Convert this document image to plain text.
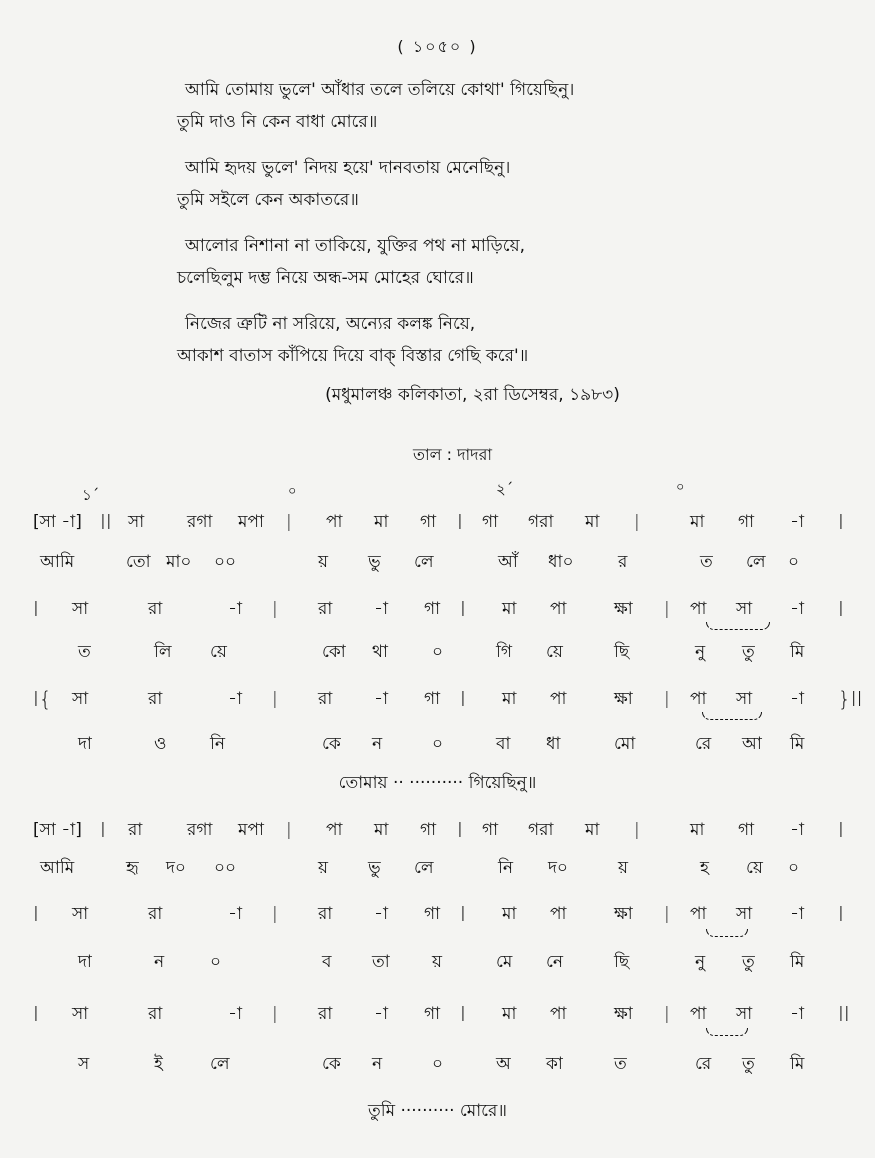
( ১০৫০ )
আমি তোমায় ভুলে' আঁধার তলে তলিয়ে কোথা' গিয়েছিনু।
তুমি দাও নি কেন বাধা মোরে॥
আমি হৃদয় ভুলে' নিদয় হয়ে' দানবতায় মেনেছিনু।
তুমি সইলে কেন অকাতরে॥
আলোর নিশানা না তাকিয়ে, যুক্তির পথ না মাড়িয়ে,
চলেছিলুম দম্ভ নিয়ে অন্ধ-সম মোহের ঘোরে॥
নিজের ত্রুটি না সরিয়ে, অন্যের কলঙ্ক নিয়ে,
আকাশ বাতাস কাঁপিয়ে দিয়ে বাক্‌ বিস্তার গেছি করে'॥
(মধুমালঞ্চ কলিকাতা, ২রা ডিসেম্বর, ১৯৮৩)
তাল : দাদরা
১´	০	২´	০
[সা -া] II সা	রগা মপা | পা মা গা I গা গরা মা |	মা গা -া I
আমি	তো মা০ ০০	য় ভু লে	আঁ ধা০	র	ত লে ০
I সা	রা	-া | রা -া গা I মা পা	ক্ষা | পা সা -া I
ত	লি য়ে	কো থা	০	গি য়ে	ছি	নু তু মি
I{ সা	রা	-া | রা -া গা I মা পা	ক্ষা | পা সা -া }II
দা	ও	নি	কে ন	০	বা ধা	মো	রে আ মি
[সা -া] I রা	রগা মপা | পা মা গা I গা গরা মা |	মা গা -া I
আমি	হৃ দ০ ০০	য় ভু লে	নি দ০	য়	হ য়ে ০
I সা	রা	-া | রা -া গা I মা পা	ক্ষা | পা সা -া I
দা	ন	০	ব তা য়	মে নে	ছি	নু তু মি
I সা	রা	-া | রা -া গা I মা পা	ক্ষা | পা সা -া II
স	ই	লে	কে ন	০	অ কা	ত	রে তু মি
তোমায় ·· ·········· গিয়েছিনু॥
তুমি ·········· মোরে॥
